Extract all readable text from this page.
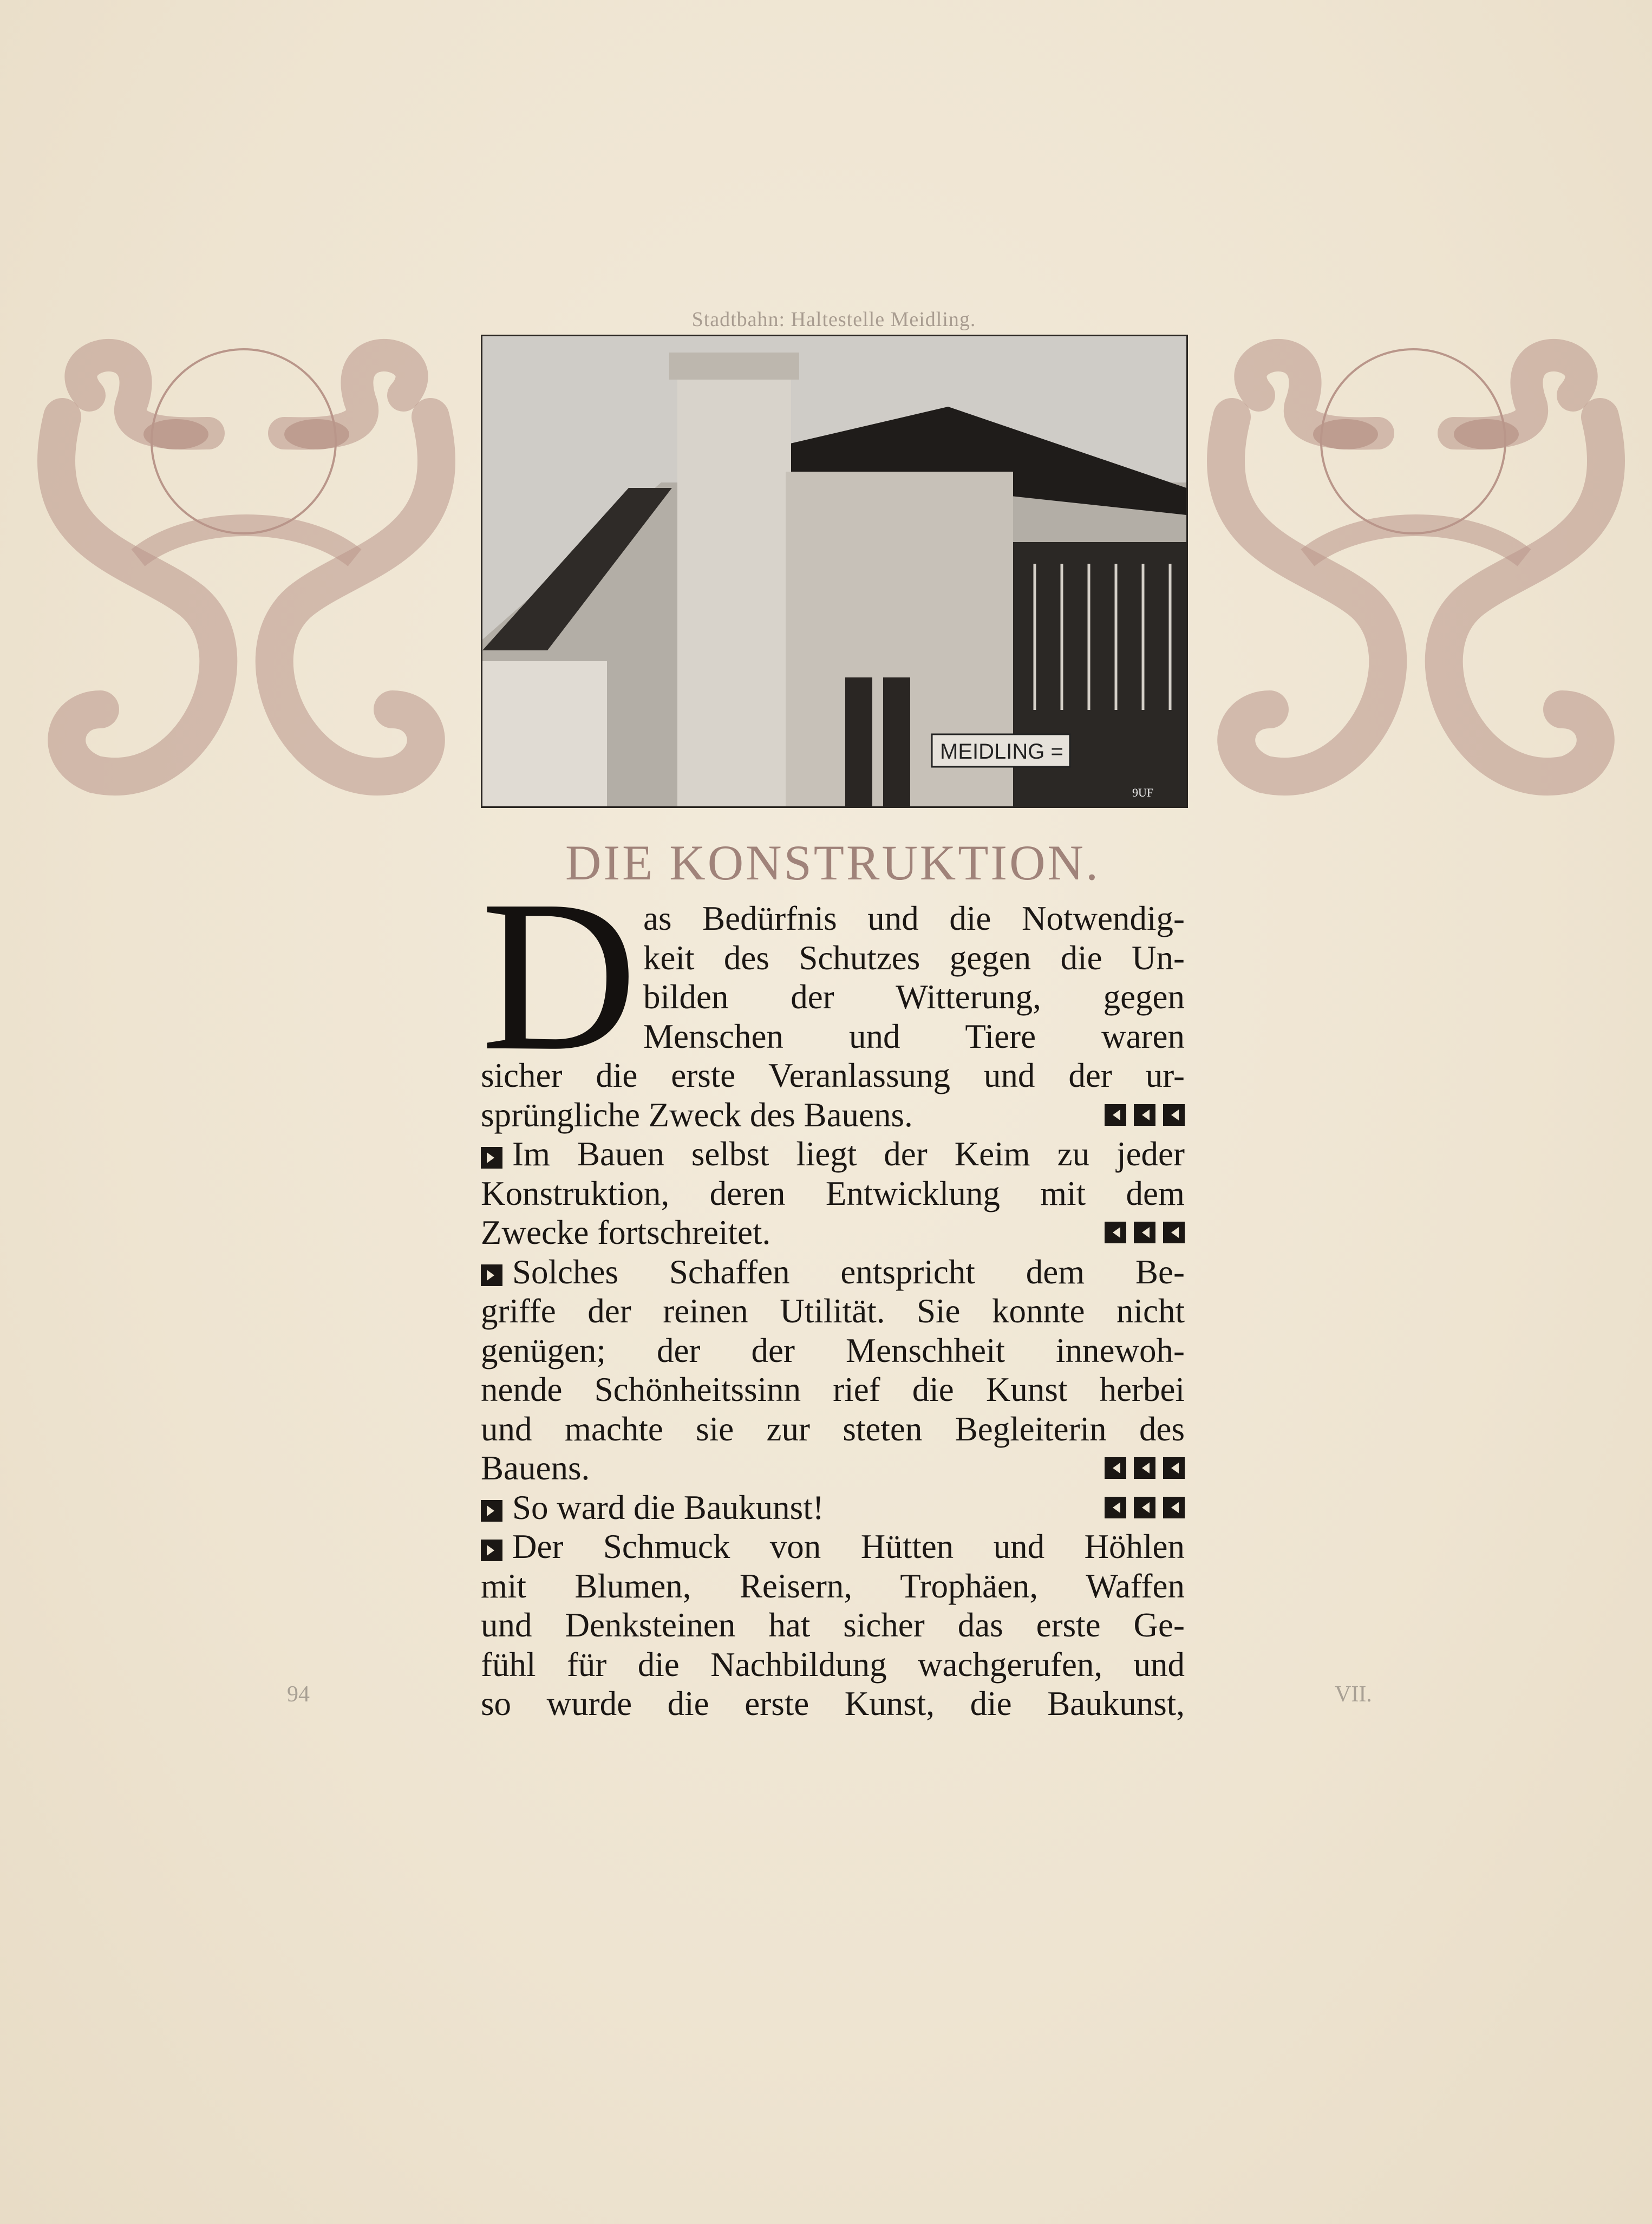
Stadtbahn: Haltestelle Meidling.
MEIDLING =
9UF
DIE KONSTRUKTION.
D as Bedürfnis und die Notwendig-
keit des Schutzes gegen die Un-
bilden der Witterung, gegen
Menschen und Tiere waren
sicher die erste Veranlassung und der ur-
sprüngliche Zweck des Bauens.
Im Bauen selbst liegt der Keim zu jeder
Konstruktion, deren Entwicklung mit dem
Zwecke fortschreitet.
Solches Schaffen entspricht dem Be-
griffe der reinen Utilität. Sie konnte nicht
genügen; der der Menschheit innewoh-
nende Schönheitssinn rief die Kunst herbei
und machte sie zur steten Begleiterin des
Bauens.
So ward die Baukunst!
Der Schmuck von Hütten und Höhlen
mit Blumen, Reisern, Trophäen, Waffen
und Denksteinen hat sicher das erste Ge-
fühl für die Nachbildung wachgerufen, und
so wurde die erste Kunst, die Baukunst,
94	VII.
